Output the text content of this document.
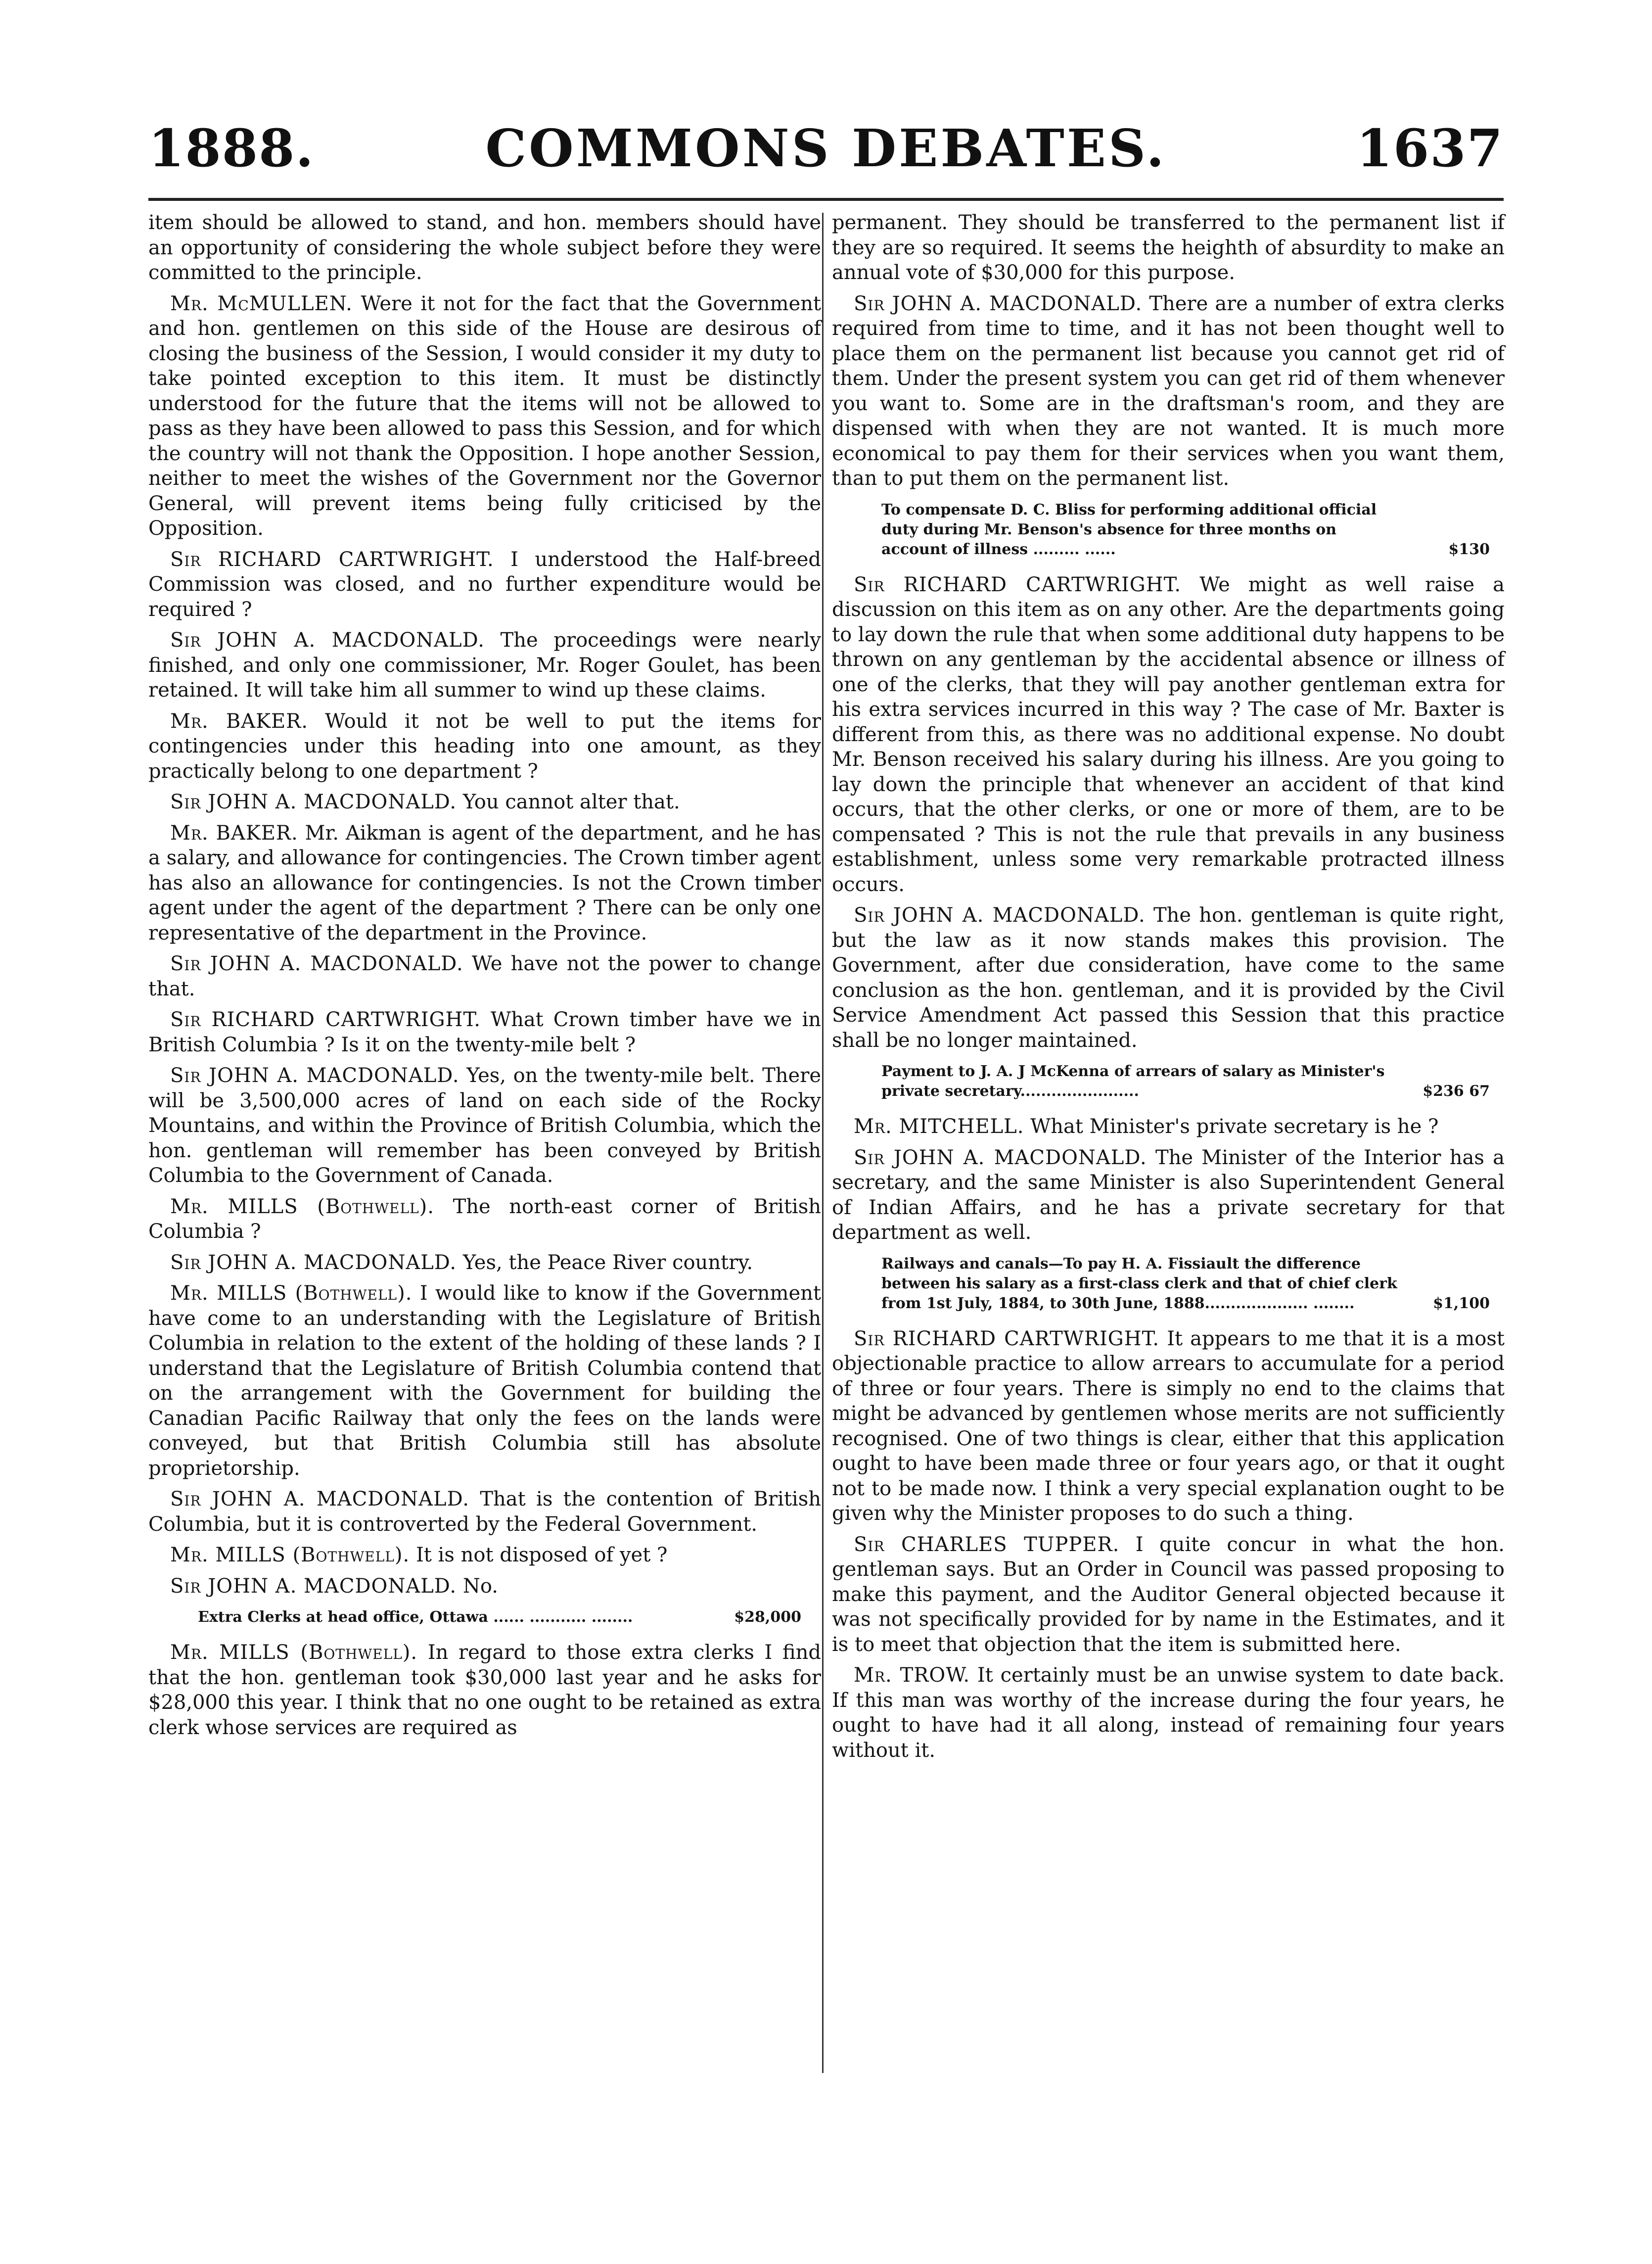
COMMONS DEBATES.
1888.	1637

item should be allowed to stand, and hon. members should have an opportunity of considering the whole subject before they were committed to the principle.

Mr. McMULLEN. Were it not for the fact that the Government and hon. gentlemen on this side of the House are desirous of closing the business of the Session, I would consider it my duty to take pointed exception to this item. It must be distinctly understood for the future that the items will not be allowed to pass as they have been allowed to pass this Session, and for which the country will not thank the Opposition. I hope another Session, neither to meet the wishes of the Government nor the Governor General, will prevent items being fully criticised by the Opposition.

Sir RICHARD CARTWRIGHT. I understood the Half-breed Commission was closed, and no further expenditure would be required ?

Sir JOHN A. MACDONALD. The proceedings were nearly finished, and only one commissioner, Mr. Roger Goulet, has been retained. It will take him all summer to wind up these claims.

Mr. BAKER. Would it not be well to put the items for contingencies under this heading into one amount, as they practically belong to one department ?

Sir JOHN A. MACDONALD. You cannot alter that.

Mr. BAKER. Mr. Aikman is agent of the department, and he has a salary, and allowance for contingencies. The Crown timber agent has also an allowance for contingencies. Is not the Crown timber agent under the agent of the department ? There can be only one representative of the department in the Province.

Sir JOHN A. MACDONALD. We have not the power to change that.

Sir RICHARD CARTWRIGHT. What Crown timber have we in British Columbia ? Is it on the twenty-mile belt ?

Sir JOHN A. MACDONALD. Yes, on the twenty-mile belt. There will be 3,500,000 acres of land on each side of the Rocky Mountains, and within the Province of British Columbia, which the hon. gentleman will remember has been conveyed by British Columbia to the Government of Canada.

Mr. MILLS (Bothwell). The north-east corner of British Columbia ?

Sir JOHN A. MACDONALD. Yes, the Peace River country.

Mr. MILLS (Bothwell). I would like to know if the Government have come to an understanding with the Legislature of British Columbia in relation to the extent of the holding of these lands ? I understand that the Legislature of British Columbia contend that on the arrangement with the Government for building the Canadian Pacific Railway that only the fees on the lands were conveyed, but that British Columbia still has absolute proprietorship.

Sir JOHN A. MACDONALD. That is the contention of British Columbia, but it is controverted by the Federal Government.

Mr. MILLS (Bothwell). It is not disposed of yet ?

Sir JOHN A. MACDONALD. No.

Extra Clerks at head office, Ottawa ...... ........... ........	$28,000

Mr. MILLS (Bothwell). In regard to those extra clerks I find that the hon. gentleman took $30,000 last year and he asks for $28,000 this year. I think that no one ought to be retained as extra clerk whose services are required as

permanent. They should be transferred to the permanent list if they are so required. It seems the heighth of absurdity to make an annual vote of $30,000 for this purpose.

Sir JOHN A. MACDONALD. There are a number of extra clerks required from time to time, and it has not been thought well to place them on the permanent list because you cannot get rid of them. Under the present system you can get rid of them whenever you want to. Some are in the draftsman's room, and they are dispensed with when they are not wanted. It is much more economical to pay them for their services when you want them, than to put them on the permanent list.

To compensate D. C. Bliss for performing additional official duty during Mr. Benson's absence for three months on account of illness ......... ......	$130

Sir RICHARD CARTWRIGHT. We might as well raise a discussion on this item as on any other. Are the departments going to lay down the rule that when some additional duty happens to be thrown on any gentleman by the accidental absence or illness of one of the clerks, that they will pay another gentleman extra for his extra services incurred in this way ? The case of Mr. Baxter is different from this, as there was no additional expense. No doubt Mr. Benson received his salary during his illness. Are you going to lay down the principle that whenever an accident of that kind occurs, that the other clerks, or one or more of them, are to be compensated ? This is not the rule that prevails in any business establishment, unless some very remarkable protracted illness occurs.

Sir JOHN A. MACDONALD. The hon. gentleman is quite right, but the law as it now stands makes this provision. The Government, after due consideration, have come to the same conclusion as the hon. gentleman, and it is provided by the Civil Service Amendment Act passed this Session that this practice shall be no longer maintained.

Payment to J. A. J McKenna of arrears of salary as Minister's private secretary.......................	$236 67

Mr. MITCHELL. What Minister's private secretary is he ?

Sir JOHN A. MACDONALD. The Minister of the Interior has a secretary, and the same Minister is also Superintendent General of Indian Affairs, and he has a private secretary for that department as well.

Railways and canals—To pay H. A. Fissiault the difference between his salary as a first-class clerk and that of chief clerk from 1st July, 1884, to 30th June, 1888.................... ........	$1,100

Sir RICHARD CARTWRIGHT. It appears to me that it is a most objectionable practice to allow arrears to accumulate for a period of three or four years. There is simply no end to the claims that might be advanced by gentlemen whose merits are not sufficiently recognised. One of two things is clear, either that this application ought to have been made three or four years ago, or that it ought not to be made now. I think a very special explanation ought to be given why the Minister proposes to do such a thing.

Sir CHARLES TUPPER. I quite concur in what the hon. gentleman says. But an Order in Council was passed proposing to make this payment, and the Auditor General objected because it was not specifically provided for by name in the Estimates, and it is to meet that objection that the item is submitted here.

Mr. TROW. It certainly must be an unwise system to date back. If this man was worthy of the increase during the four years, he ought to have had it all along, instead of remaining four years without it.
